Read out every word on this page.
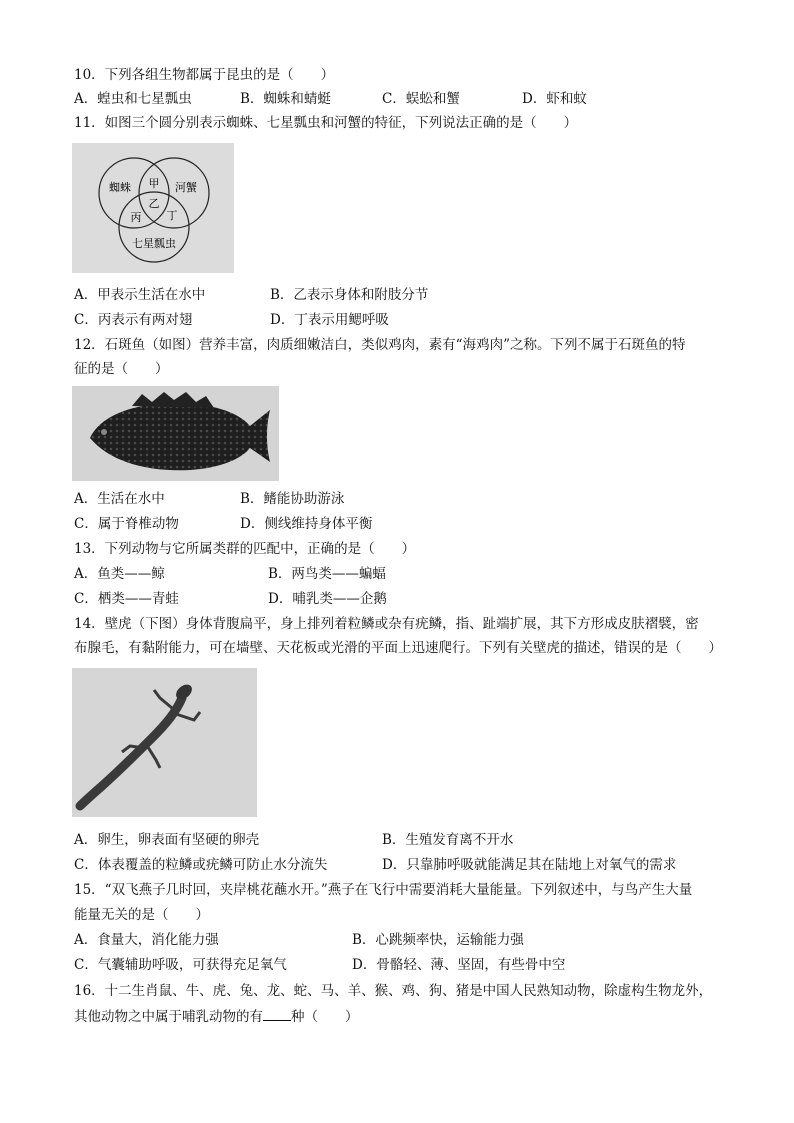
10．下列各组生物都属于昆虫的是（　　）
A．蝗虫和七星瓢虫	B．蜘蛛和蜻蜓	C．蜈蚣和蟹	D．虾和蚊
11．如图三个圆分别表示蜘蛛、七星瓢虫和河蟹的特征，下列说法正确的是（　　）
蜘蛛	河蟹
七星瓢虫
甲
乙
丙 丁
A．甲表示生活在水中	B．乙表示身体和附肢分节
C．丙表示有两对翅	D．丁表示用鳃呼吸
12．石斑鱼（如图）营养丰富，肉质细嫩洁白，类似鸡肉，素有“海鸡肉”之称。下列不属于石斑鱼的特
征的是（　　）
A．生活在水中	B．鳍能协助游泳
C．属于脊椎动物	D．侧线维持身体平衡
13．下列动物与它所属类群的匹配中，正确的是（　　）
A．鱼类——鲸	B．两鸟类——蝙蝠
C．栖类——青蛙	D．哺乳类——企鹅
14．壁虎（下图）身体背腹扁平，身上排列着粒鳞或杂有疣鳞，指、趾端扩展，其下方形成皮肤褶襞，密
布腺毛，有黏附能力，可在墙壁、天花板或光滑的平面上迅速爬行。下列有关壁虎的描述，错误的是（　　）
A．卵生，卵表面有坚硬的卵壳	B．生殖发育离不开水
C．体表覆盖的粒鳞或疣鳞可防止水分流失	D．只靠肺呼吸就能满足其在陆地上对氧气的需求
15．“双飞燕子几时回，夹岸桃花蘸水开。”燕子在飞行中需要消耗大量能量。下列叙述中，与鸟产生大量
能量无关的是（　　）
A．食量大，消化能力强	B．心跳频率快，运输能力强
C．气囊辅助呼吸，可获得充足氧气	D．骨骼轻、薄、坚固，有些骨中空
16．十二生肖鼠、牛、虎、兔、龙、蛇、马、羊、猴、鸡、狗、猪是中国人民熟知动物，除虚构生物龙外，
其他动物之中属于哺乳动物的有 种（　　）
